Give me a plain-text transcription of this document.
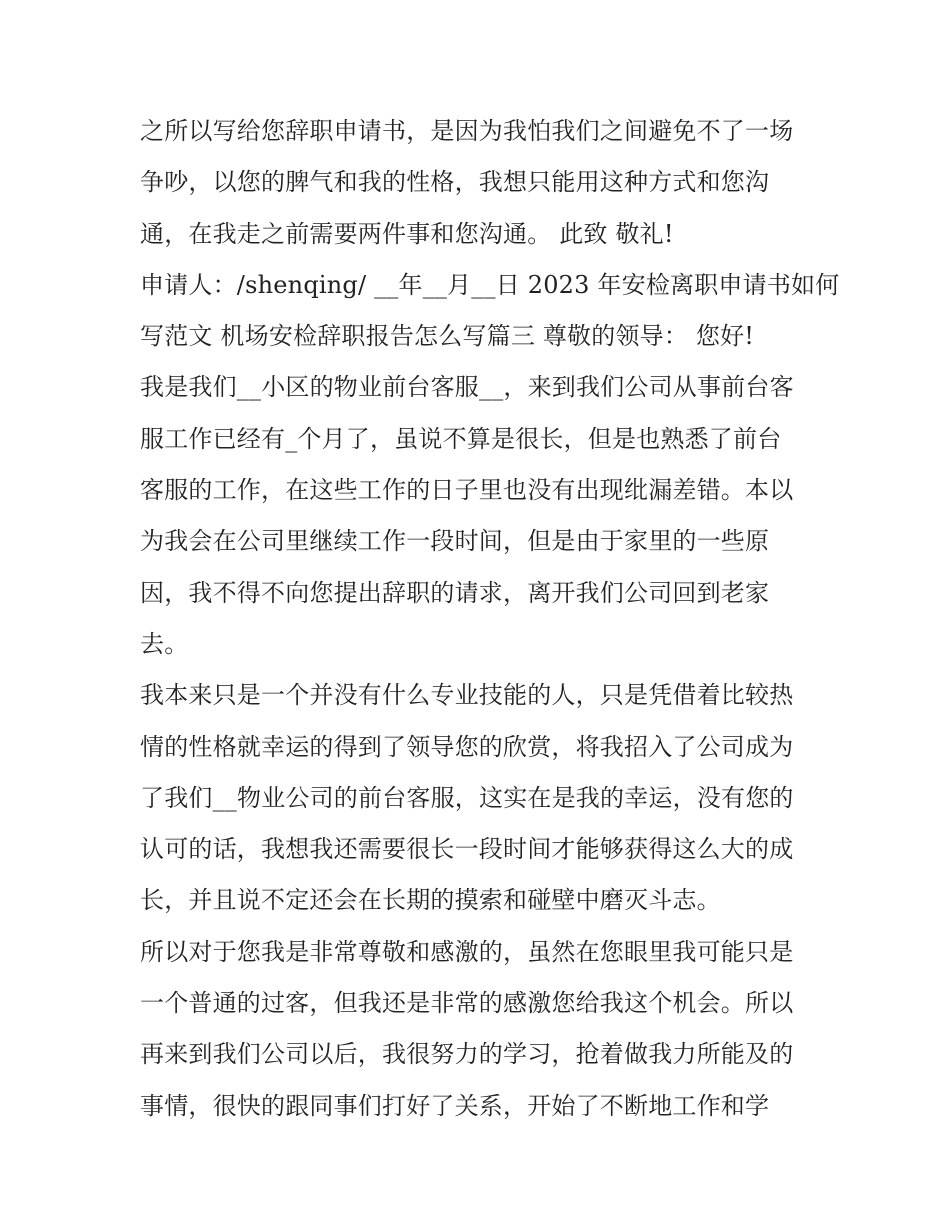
之所以写给您辞职申请书，是因为我怕我们之间避免不了一场
争吵，以您的脾气和我的性格，我想只能用这种方式和您沟
通，在我走之前需要两件事和您沟通。 此致 敬礼!
申请人：/shenqing/ __年__月__日 2023 年安检离职申请书如何
写范文 机场安检辞职报告怎么写篇三 尊敬的领导： 您好!
我是我们__小区的物业前台客服__，来到我们公司从事前台客
服工作已经有_个月了，虽说不算是很长，但是也熟悉了前台
客服的工作，在这些工作的日子里也没有出现纰漏差错。本以
为我会在公司里继续工作一段时间，但是由于家里的一些原
因，我不得不向您提出辞职的请求，离开我们公司回到老家
去。
我本来只是一个并没有什么专业技能的人，只是凭借着比较热
情的性格就幸运的得到了领导您的欣赏，将我招入了公司成为
了我们__物业公司的前台客服，这实在是我的幸运，没有您的
认可的话，我想我还需要很长一段时间才能够获得这么大的成
长，并且说不定还会在长期的摸索和碰壁中磨灭斗志。
所以对于您我是非常尊敬和感激的，虽然在您眼里我可能只是
一个普通的过客，但我还是非常的感激您给我这个机会。所以
再来到我们公司以后，我很努力的学习，抢着做我力所能及的
事情，很快的跟同事们打好了关系，开始了不断地工作和学
